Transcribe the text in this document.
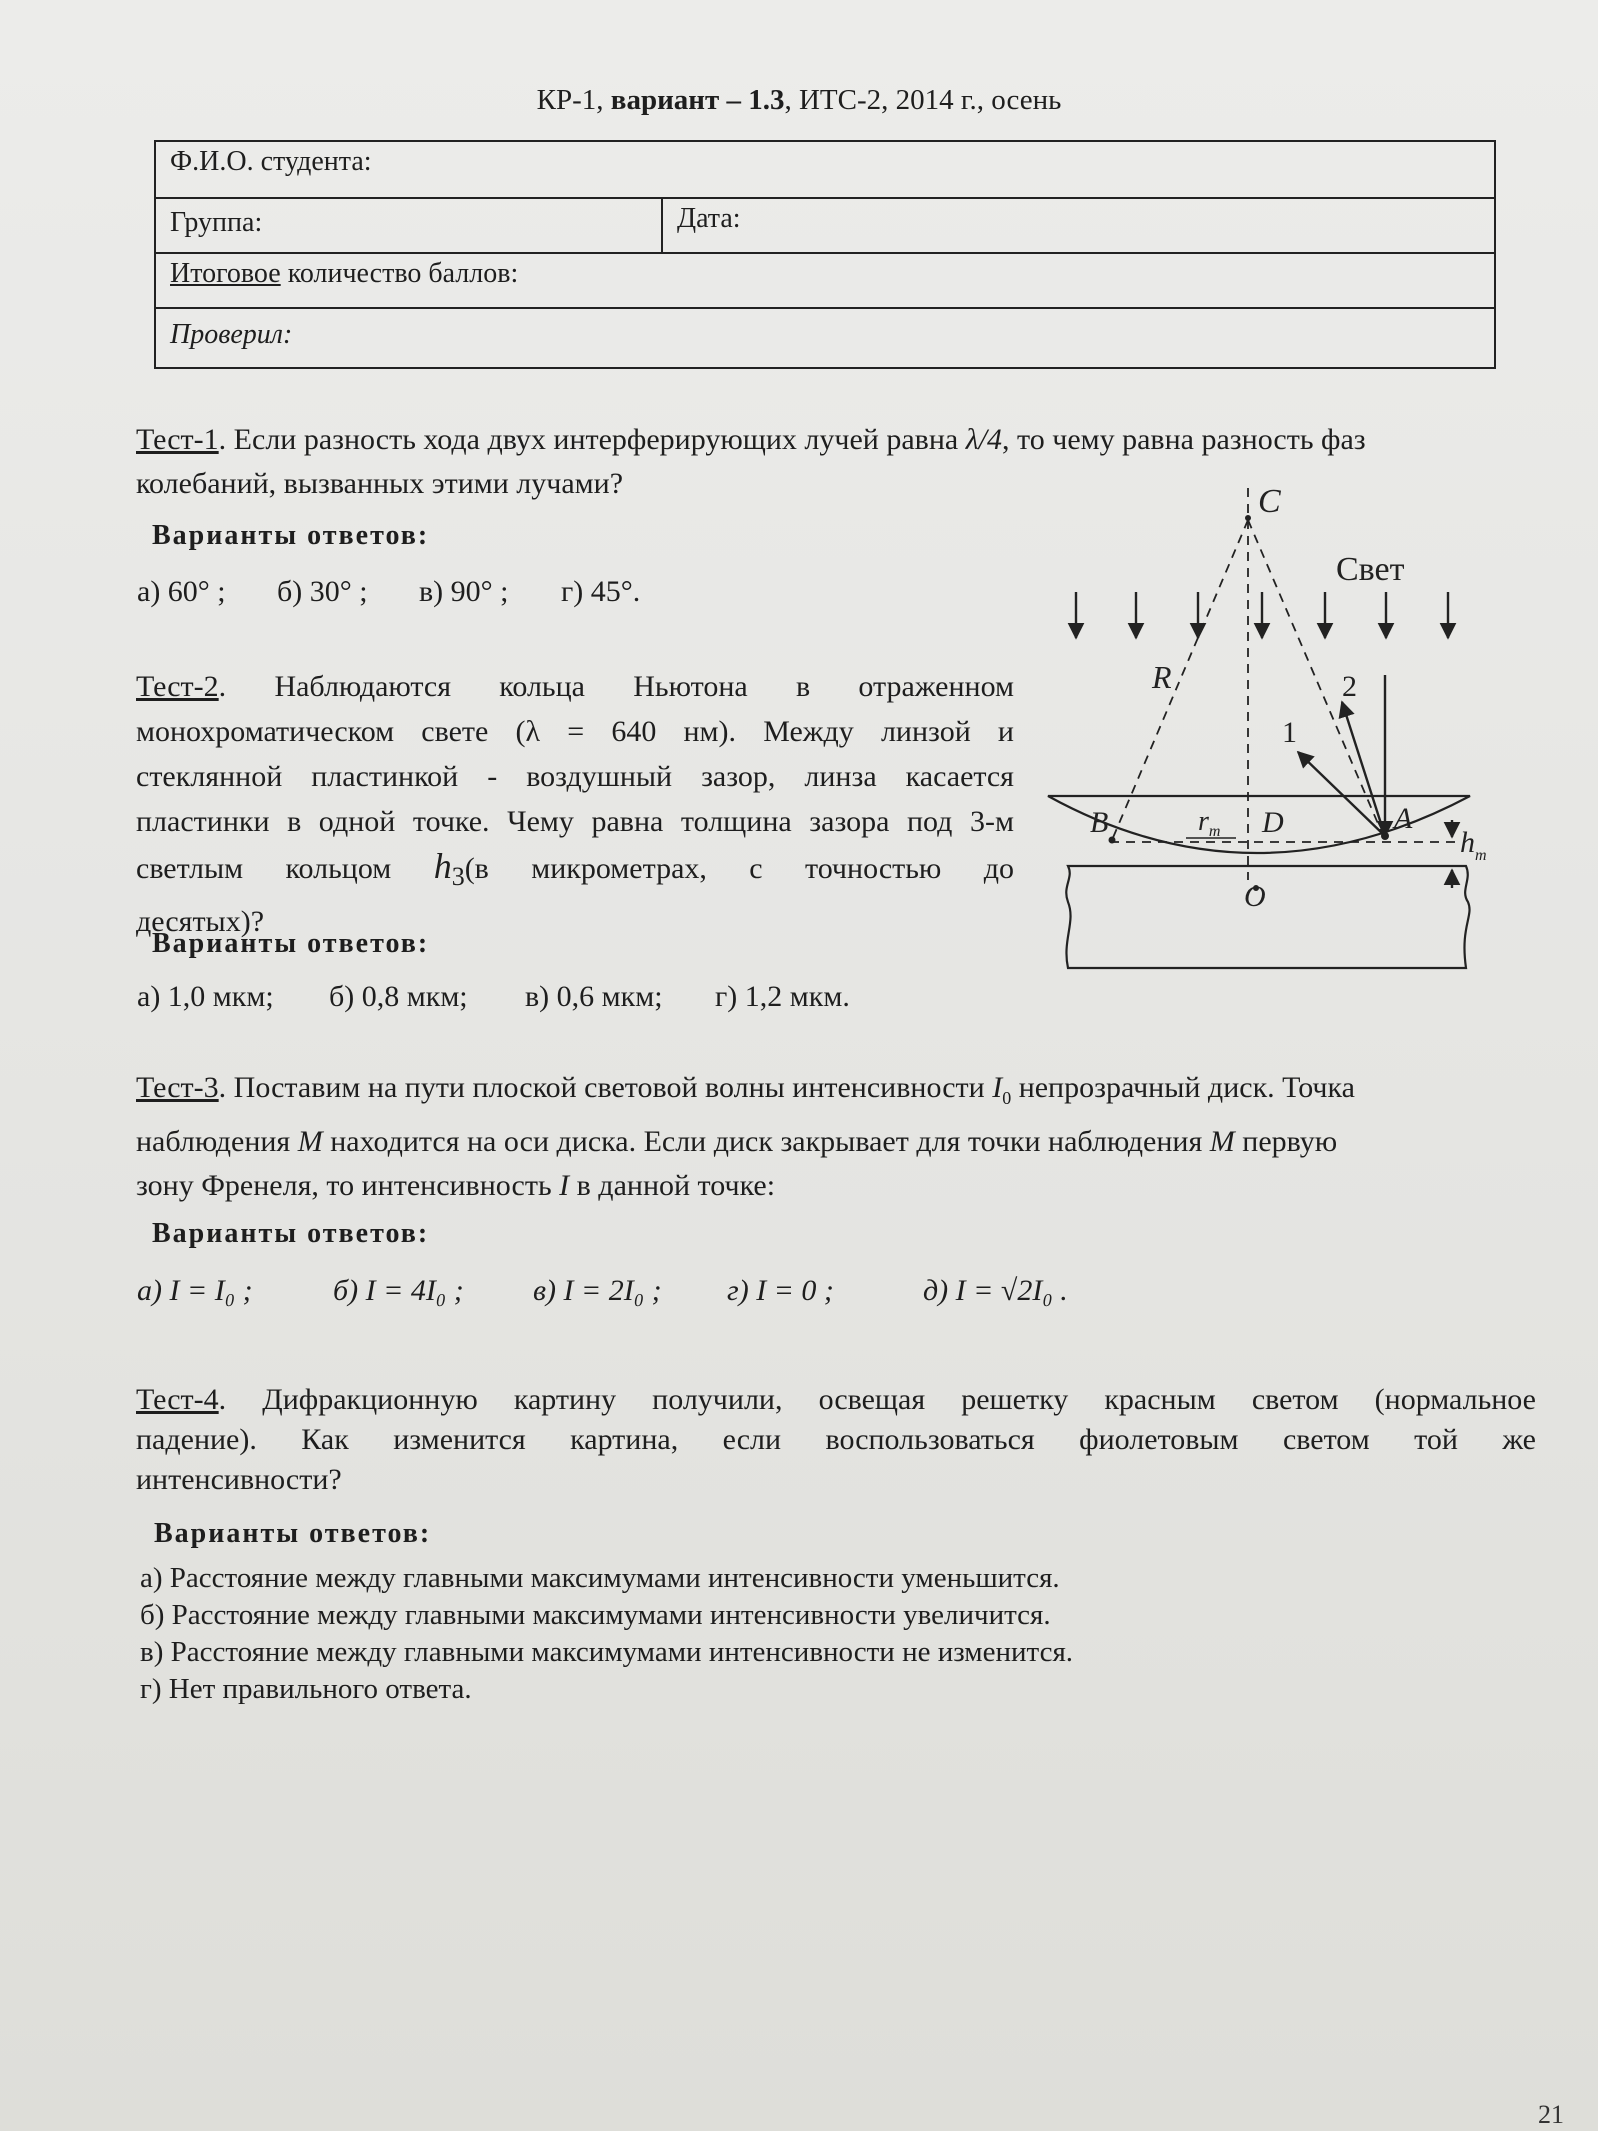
КР-1, вариант – 1.3, ИТС-2, 2014 г., осень
Ф.И.О. студента:
Группа:	Дата:
Итоговое количество баллов:
Проверил:
Тест-1. Если разность хода двух интерферирующих лучей равна λ/4, то чему равна разность фаз
колебаний, вызванных этими лучами?
Варианты ответов:
а) 60° ; б) 30° ; в) 90° ; г) 45°.
Тест-2. Наблюдаются кольца Ньютона в отраженном
монохроматическом свете (λ = 640 нм). Между линзой и
стеклянной пластинкой - воздушный зазор, линза касается
пластинки в одной точке. Чему равна толщина зазора под 3-м
светлым кольцом $h_3(в$ микрометрах, с точностью до
десятых)?
Варианты ответов:
а) 1,0 мкм; б) 0,8 мкм; в) 0,6 мкм; г) 1,2 мкм.
C
Свет
R
1
2
B	$r_m$ D	A
$h_m$
O
Тест-3. Поставим на пути плоской световой волны интенсивности $I_0$ непрозрачный диск. Точка
наблюдения M находится на оси диска. Если диск закрывает для точки наблюдения M первую
зону Френеля, то интенсивность I в данной точке:
Варианты ответов:
а) I = I₀ ;	б) I = 4I₀ ; в) I = 2I₀ ; г) I = 0 ;	д) I = √2I₀ .
Тест-4. Дифракционную картину получили, освещая решетку красным светом (нормальное
падение). Как изменится картина, если воспользоваться фиолетовым светом той же
интенсивности?
Варианты ответов:
а) Расстояние между главными максимумами интенсивности уменьшится.
б) Расстояние между главными максимумами интенсивности увеличится.
в) Расстояние между главными максимумами интенсивности не изменится.
г) Нет правильного ответа.
21
